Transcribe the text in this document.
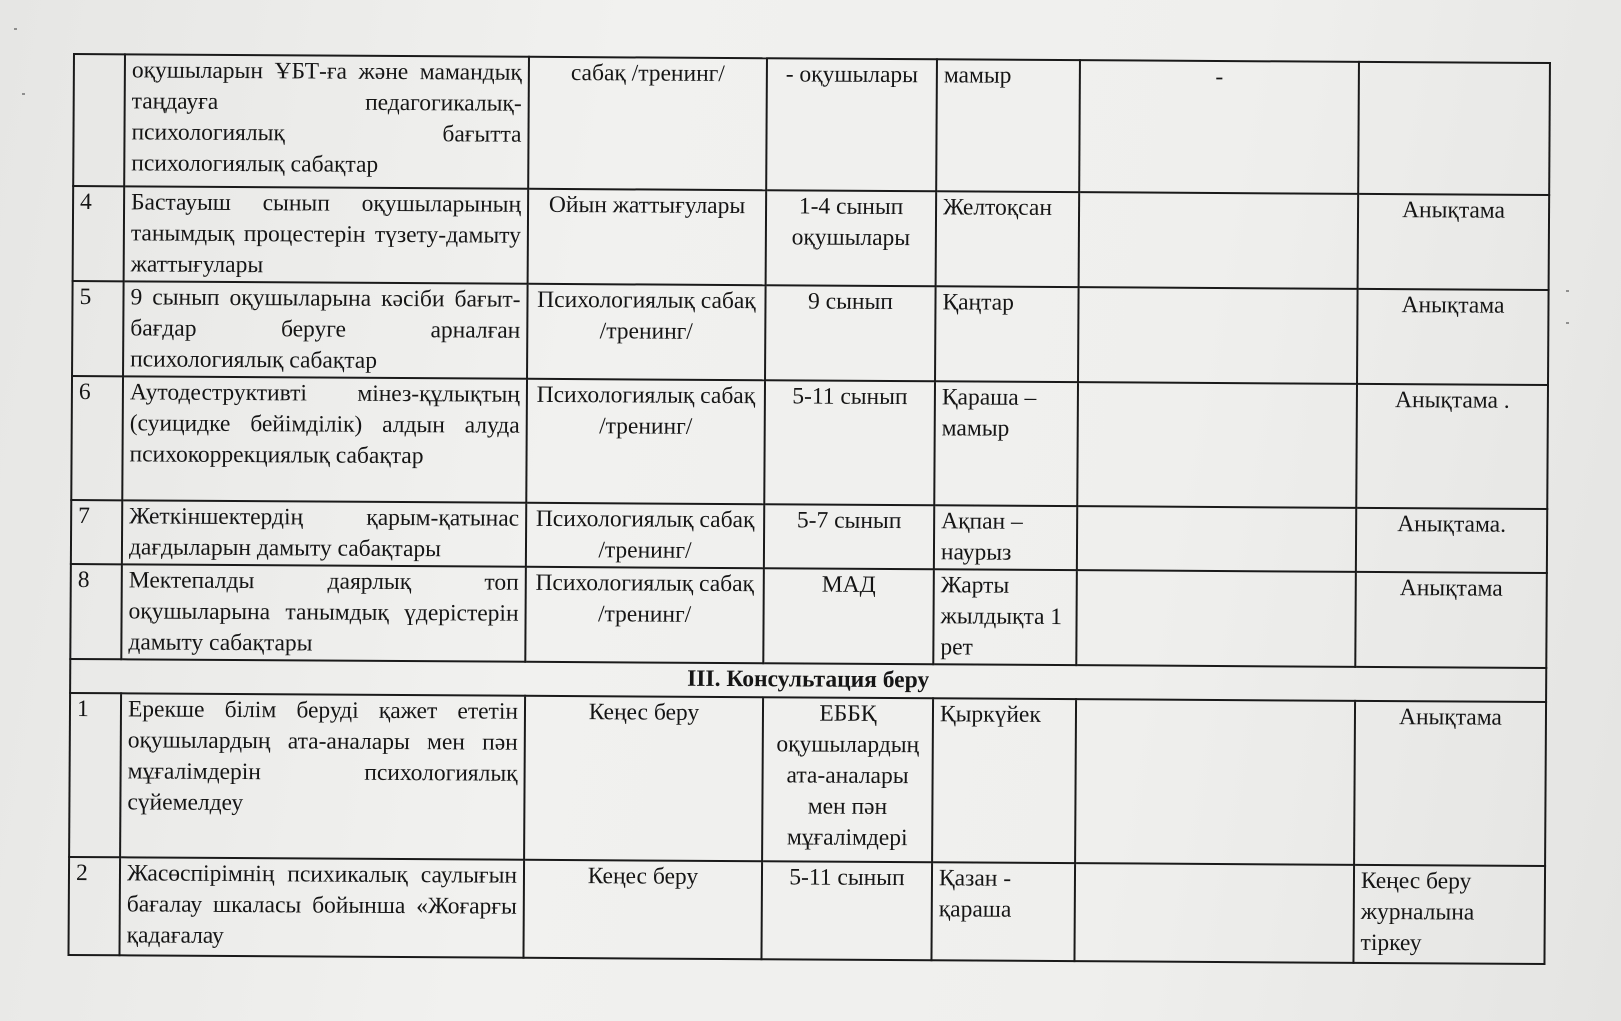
	оқушыларын ҰБТ-ға және мамандық таңдауға педагогикалық-психологиялық бағытта психологиялық сабақтар	сабақ /тренинг/	- оқушылары	мамыр	-	
4	Бастауыш сынып оқушыларының танымдық процестерін түзету-дамыту жаттығулары	Ойын жаттығулары	1-4 сынып оқушылары	Желтоқсан		Анықтама
5	9 сынып оқушыларына кәсіби бағыт-бағдар беруге арналған психологиялық сабақтар	Психологиялық сабақ /тренинг/	9 сынып	Қаңтар		Анықтама
6	Аутодеструктивті мінез-құлықтың (суицидке бейімділік) алдын алуда психокоррекциялық сабақтар	Психологиялық сабақ /тренинг/	5-11 сынып	Қараша – мамыр		Анықтама .
7	Жеткіншектердің қарым-қатынас дағдыларын дамыту сабақтары	Психологиялық сабақ /тренинг/	5-7 сынып	Ақпан – наурыз		Анықтама.
8	Мектепалды даярлық топ оқушыларына танымдық үдерістерін дамыту сабақтары	Психологиялық сабақ /тренинг/	МАД	Жарты жылдықта 1 рет		Анықтама
ІІІ. Консультация беру						
1	Ерекше білім беруді қажет ететін оқушылардың ата-аналары мен пән мұғалімдерін психологиялық сүйемелдеу	Кеңес беру	ЕББҚ оқушылардың ата-аналары мен пән мұғалімдері	Қыркүйек		Анықтама
2	Жасөспірімнің психикалық саулығын бағалау шкаласы бойынша «Жоғарғы қадағалау	Кеңес беру	5-11 сынып	Қазан - қараша		Кеңес беру журналына тіркеу
